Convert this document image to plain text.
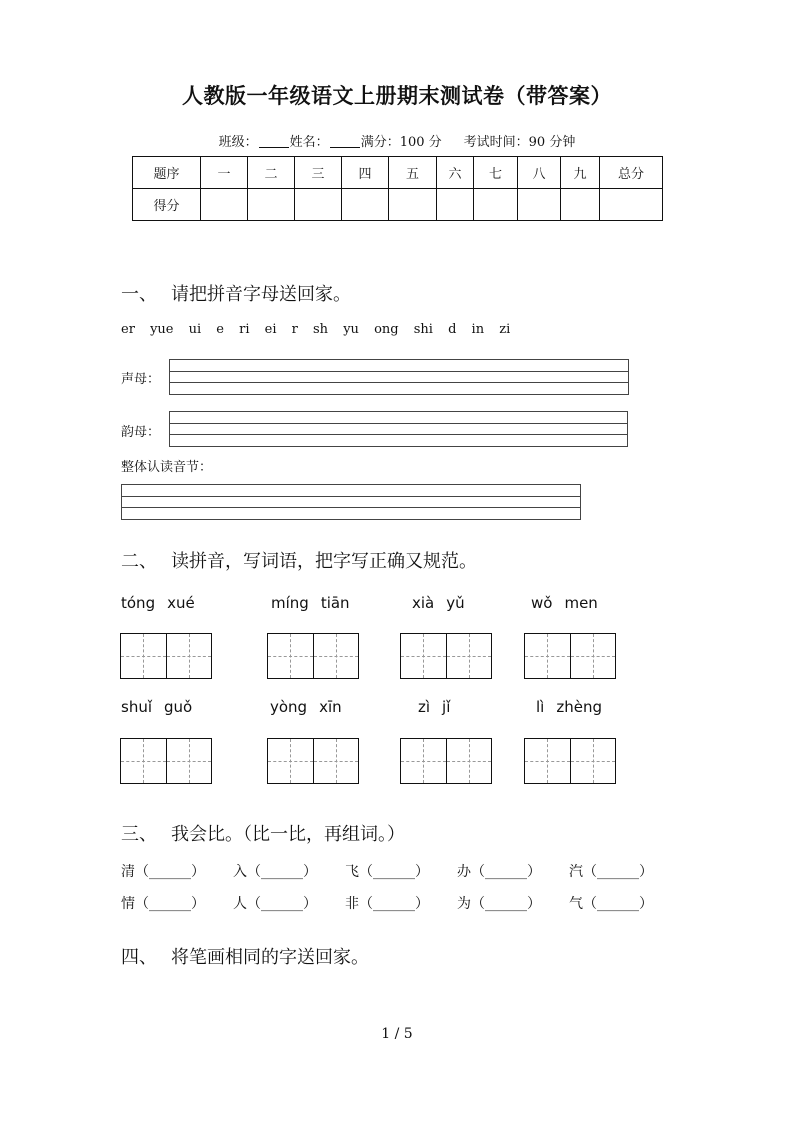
人教版一年级语文上册期末测试卷（带答案）
班级： 姓名： 满分：100 分 考试时间：90 分钟
题序	一	二	三	四	五	六	七	八	九	总分
得分										
一、 请把拼音字母送回家。
er yue ui e ri ei r sh yu ong shi d in zi
声母：
韵母：
整体认读音节：
二、 读拼音，写词语，把字写正确又规范。
tóng xué	míng tiān	xià yǔ	wǒ men
shuǐ guǒ	yòng xīn	zì jǐ	lì zhèng
三、 我会比。（比一比，再组词。）
清（______） 入（______） 飞（______） 办（______） 汽（______）
情（______） 人（______） 非（______） 为（______） 气（______）
四、 将笔画相同的字送回家。
1 / 5
